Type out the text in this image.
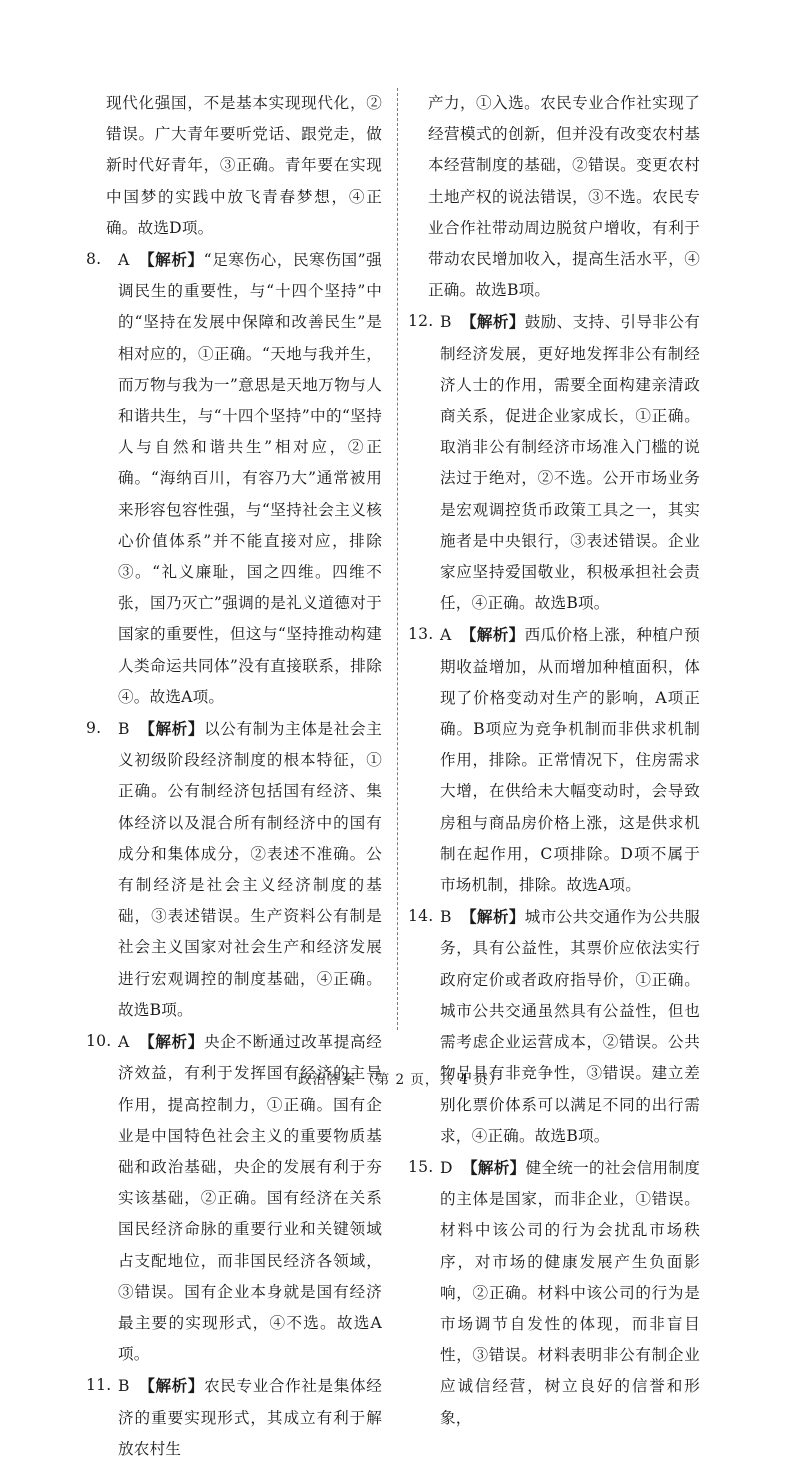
现代化强国，不是基本实现现代化，②错误。广大青年要听党话、跟党走，做新时代好青年，③正确。青年要在实现中国梦的实践中放飞青春梦想，④正确。故选D项。
8. A 【解析】“足寒伤心，民寒伤国”强调民生的重要性，与“十四个坚持”中的“坚持在发展中保障和改善民生”是相对应的，①正确。“天地与我并生，而万物与我为一”意思是天地万物与人和谐共生，与“十四个坚持”中的“坚持人与自然和谐共生”相对应，②正确。“海纳百川，有容乃大”通常被用来形容包容性强，与“坚持社会主义核心价值体系”并不能直接对应，排除③。“礼义廉耻，国之四维。四维不张，国乃灭亡”强调的是礼义道德对于国家的重要性，但这与“坚持推动构建人类命运共同体”没有直接联系，排除④。故选A项。
9. B 【解析】以公有制为主体是社会主义初级阶段经济制度的根本特征，①正确。公有制经济包括国有经济、集体经济以及混合所有制经济中的国有成分和集体成分，②表述不准确。公有制经济是社会主义经济制度的基础，③表述错误。生产资料公有制是社会主义国家对社会生产和经济发展进行宏观调控的制度基础，④正确。故选B项。
10. A 【解析】央企不断通过改革提高经济效益，有利于发挥国有经济的主导作用，提高控制力，①正确。国有企业是中国特色社会主义的重要物质基础和政治基础，央企的发展有利于夯实该基础，②正确。国有经济在关系国民经济命脉的重要行业和关键领域占支配地位，而非国民经济各领域，③错误。国有企业本身就是国有经济最主要的实现形式，④不选。故选A项。
11. B 【解析】农民专业合作社是集体经济的重要实现形式，其成立有利于解放农村生
产力，①入选。农民专业合作社实现了经营模式的创新，但并没有改变农村基本经营制度的基础，②错误。变更农村土地产权的说法错误，③不选。农民专业合作社带动周边脱贫户增收，有利于带动农民增加收入，提高生活水平，④正确。故选B项。
12. B 【解析】鼓励、支持、引导非公有制经济发展，更好地发挥非公有制经济人士的作用，需要全面构建亲清政商关系，促进企业家成长，①正确。取消非公有制经济市场准入门槛的说法过于绝对，②不选。公开市场业务是宏观调控货币政策工具之一，其实施者是中央银行，③表述错误。企业家应坚持爱国敬业，积极承担社会责任，④正确。故选B项。
13. A 【解析】西瓜价格上涨，种植户预期收益增加，从而增加种植面积，体现了价格变动对生产的影响，A项正确。B项应为竞争机制而非供求机制作用，排除。正常情况下，住房需求大增，在供给未大幅变动时，会导致房租与商品房价格上涨，这是供求机制在起作用，C项排除。D项不属于市场机制，排除。故选A项。
14. B 【解析】城市公共交通作为公共服务，具有公益性，其票价应依法实行政府定价或者政府指导价，①正确。城市公共交通虽然具有公益性，但也需考虑企业运营成本，②错误。公共物品具有非竞争性，③错误。建立差别化票价体系可以满足不同的出行需求，④正确。故选B项。
15. D 【解析】健全统一的社会信用制度的主体是国家，而非企业，①错误。材料中该公司的行为会扰乱市场秩序，对市场的健康发展产生负面影响，②正确。材料中该公司的行为是市场调节自发性的体现，而非盲目性，③错误。材料表明非公有制企业应诚信经营，树立良好的信誉和形象，
· 政治答案 （第 2 页，共 4 页）·
